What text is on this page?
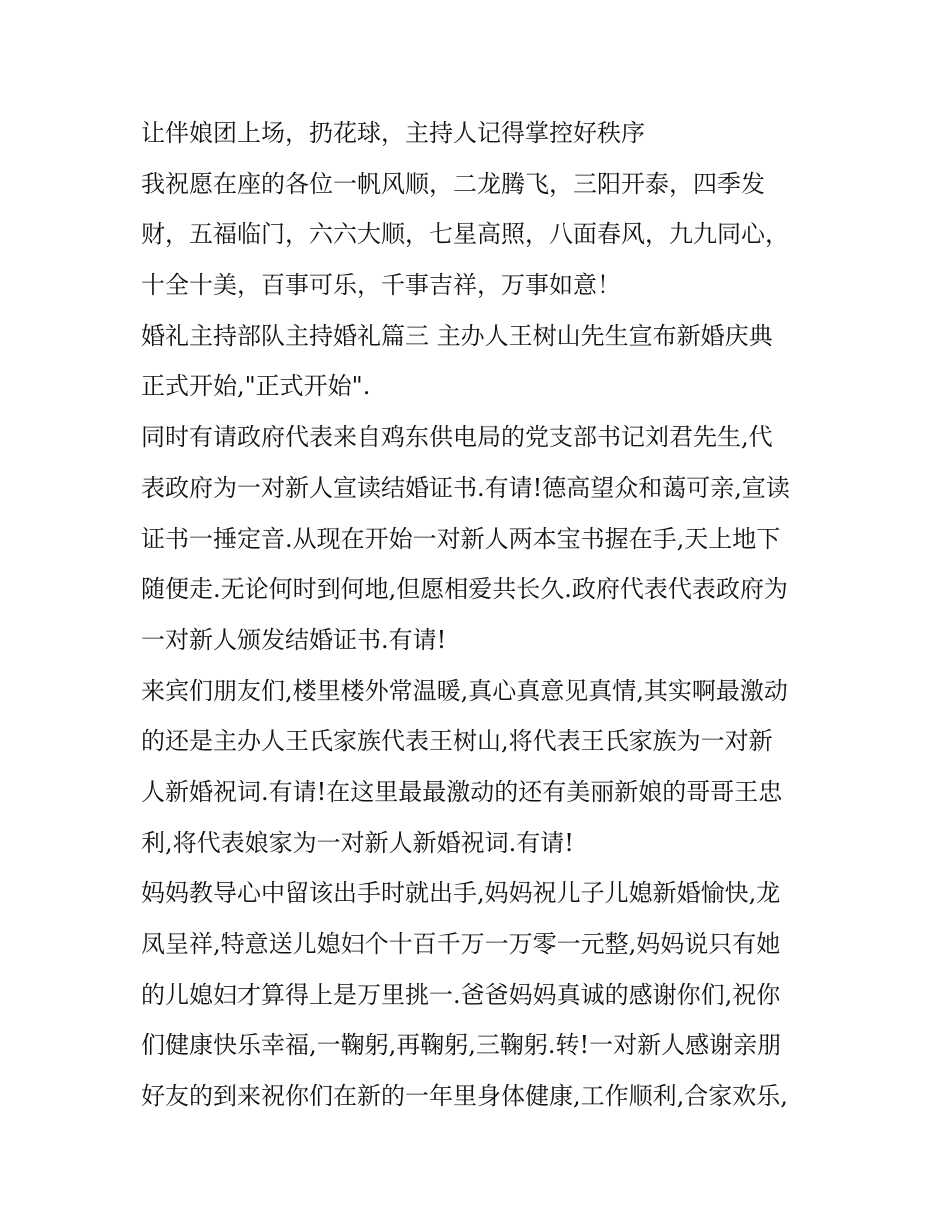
让伴娘团上场，扔花球，主持人记得掌控好秩序
我祝愿在座的各位一帆风顺，二龙腾飞，三阳开泰，四季发
财，五福临门，六六大顺，七星高照，八面春风，九九同心，
十全十美，百事可乐，千事吉祥，万事如意！
婚礼主持部队主持婚礼篇三 主办人王树山先生宣布新婚庆典
正式开始,"正式开始".
同时有请政府代表来自鸡东供电局的党支部书记刘君先生,代
表政府为一对新人宣读结婚证书.有请!德高望众和蔼可亲,宣读
证书一捶定音.从现在开始一对新人两本宝书握在手,天上地下
随便走.无论何时到何地,但愿相爱共长久.政府代表代表政府为
一对新人颁发结婚证书.有请!
来宾们朋友们,楼里楼外常温暖,真心真意见真情,其实啊最激动
的还是主办人王氏家族代表王树山,将代表王氏家族为一对新
人新婚祝词.有请!在这里最最激动的还有美丽新娘的哥哥王忠
利,将代表娘家为一对新人新婚祝词.有请!
妈妈教导心中留该出手时就出手,妈妈祝儿子儿媳新婚愉快,龙
凤呈祥,特意送儿媳妇个十百千万一万零一元整,妈妈说只有她
的儿媳妇才算得上是万里挑一.爸爸妈妈真诚的感谢你们,祝你
们健康快乐幸福,一鞠躬,再鞠躬,三鞠躬.转!一对新人感谢亲朋
好友的到来祝你们在新的一年里身体健康,工作顺利,合家欢乐,
